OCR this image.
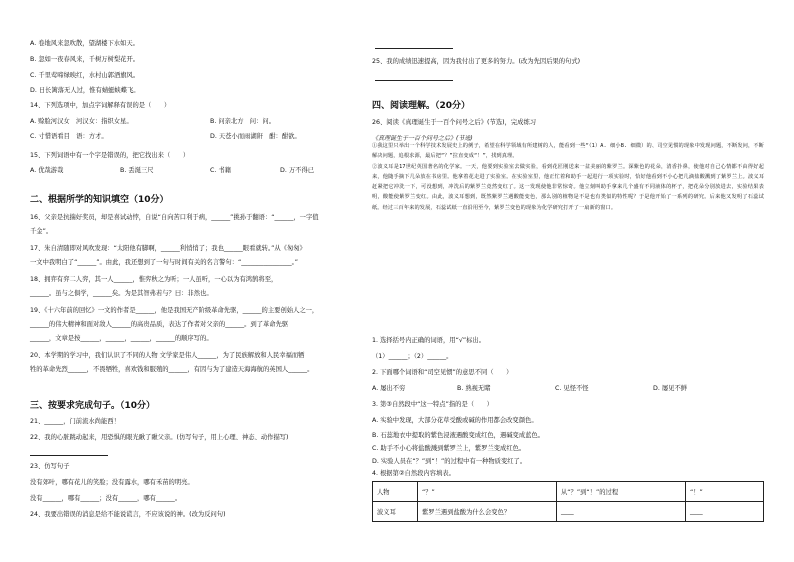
A. 卷地风来忽吹散，望湖楼下水如天。
B. 忽如一夜春风来，千树万树梨花开。
C. 千里莺啼绿映红，水村山郭酒旗风。
D. 日长篱落无人过，惟有蜻蜓蛱蝶飞。
14、下列选项中，加点字词解释有误的是（　　）
A. 赊脸河汉女　河汉女：指织女星。	B. 问亲北方　问：问。
C. 寸惜语看目　语：方才。	D. 天苍小而雨湖鼾　酣：酣欲。
15、下列词语中有一个字是错误的，把它找出来（　　）
A. 优哉游哉	B. 丢涎三尺	C. 书籍	D. 万不得已
二、根据所学的知识填空（10分）
16、父亲是抗揣好奖员，却是喜试动悖，自说“自向苦口利于病，______”挑孙于翻语：“______，一字值
千金”。
17、朱自清随即对风吹发现：“太阳他有脚啊，______利悄悄了；我也______眼看就转。”从《匆匆》
一文中我明白了“______”。由此，我还想到了一句与时间有关的名言警句：“________________。”
18、拥弈有弈二人弈，其一人______，惟弈秋之为听；一人虽听，一心以为有鸿鹄将至，
______。虽与之俱学，______矣。为是其智弗若与？曰：非然也。
19、《十六年前的回忆》一文的作者是______，他是我国无产阶级革命先驱，______的主要创始人之一，
______的伟大精神和面对敌人______的高贵品质，表达了作者对父亲的______。到了革命先驱
______，文章是按______，______，______，______的顺序写的。
20、本学期的学习中，我们认识了不同的人物 文学家是伟人______，为了民族解放和人民幸福而牺
牲的革命先烈______，不畏牺牲，喜欢钱和服殖的______，有因与为了建造天海海航的英国人______。
三、按要求完成句子。（10分）
21、______，门前流水尚能西！
22、我的心脏跳动起来，用恐惧的眼光瞅了瞅父亲。(仿写句子，用上心理、神态、动作描写)
23、仿写句子
没有郊叶，哪有花儿的笑脸；没有露水，哪有禾苗的明亮。
没有______，哪有______；没有______，哪有______。
24、我要出错误的消息是给不能说谎言，不应该说的神。(改为反问句)
25、我的成绩迅速提高，因为我付出了更多的努力。(改为先因后果的句式)
四、阅读理解。（20分）
26、阅读《真理诞生于一百个问号之后》(节选)，完成练习
《真理诞生于一百个问号之后》(节选)

①我这里只举出一个科学技术发展史上的例子，希望在科学领域有所建树的人，能看到一些“（1）A. 细小B. 细微）的、司空见惯的现象中发现问题，不断发问，不断解决问题，追根求源，最后把“？”拉直变成“！”，找到真理。

②波义耳是17世纪英国著名的化学家。一天，他要到实验室去做实验，看到花匠刚送来一盆美丽的紫罗兰。深紫色的花朵，清香扑鼻，使他对自己心情都不由得好起来，他随手摘下几朵放在书房里。他拿着花走进了实验室。在实验室里，他正忙着和助手一起进行一项实验时，恰好他看到不小心把几滴盐酸溅到了紫罗兰上。波义耳赶紧把它冲洗一下，可没想到，冲洗后的紫罗兰竟然变红了。这一发现使他非常惊奇。他立刻叫助手拿来几个盛有不同液体的杯子，把花朵分别放进去，实验结果表明，酸能使紫罗兰变红。由此，波义耳想到，既然紫罗兰遇酸能变色，那么别的植物是不是也有类似的特性呢？于是他开始了一系列的研究。后来他又发明了石蕊试纸。经过三百年来的发展，石蕊试纸一直沿用至今，紫罗兰变色的现象为化学研究打开了一扇新的窗口。

1. 选择括号内正确的词语，用“√”标出。
（1）______；（2）______。
2. 下面哪个词语和“司空见惯”的意思不同（　　）
A. 屡出不穷	B. 熟视无睹	C. 见怪不怪	D. 屡见不鲜
3. 第③自然段中“这一特点”指的是（　　）
A. 实验中发现，大部分花草受酸或碱的作用都会改变颜色。
B. 石蕊地衣中提取的紫色浸液遇酸变成红色，遇碱变成蓝色。
C. 助手不小心将盐酸溅到紫罗兰上，紫罗兰变成红色。
D. 实验人员在“？”到“！”的过程中有一种物质变红了。
人物	“？”	从“？”到“！”的过程	“！”
波义耳	紫罗兰遇到盐酸为什么会变色？	____	____
4. 根据第②自然段内容填表。
